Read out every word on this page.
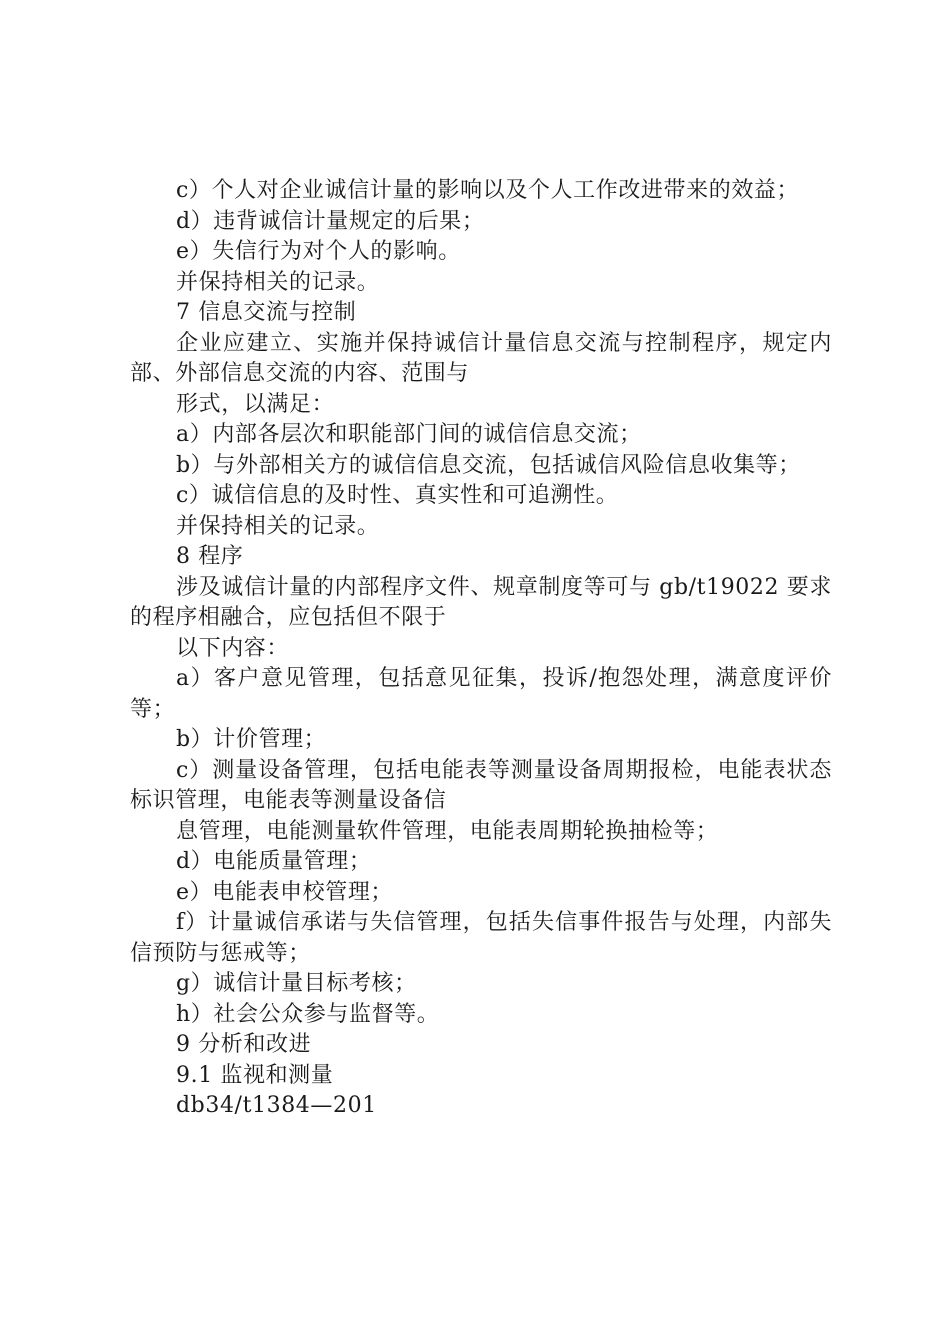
c）个人对企业诚信计量的影响以及个人工作改进带来的效益；

d）违背诚信计量规定的后果；

e）失信行为对个人的影响。

并保持相关的记录。

7 信息交流与控制

企业应建立、实施并保持诚信计量信息交流与控制程序，规定内部、外部信息交流的内容、范围与

形式，以满足：

a）内部各层次和职能部门间的诚信信息交流；

b）与外部相关方的诚信信息交流，包括诚信风险信息收集等；

c）诚信信息的及时性、真实性和可追溯性。

并保持相关的记录。

8 程序

涉及诚信计量的内部程序文件、规章制度等可与 gb/t19022 要求的程序相融合，应包括但不限于

以下内容：

a）客户意见管理，包括意见征集，投诉/抱怨处理，满意度评价等；

b）计价管理；

c）测量设备管理，包括电能表等测量设备周期报检，电能表状态标识管理，电能表等测量设备信

息管理，电能测量软件管理，电能表周期轮换抽检等；

d）电能质量管理；

e）电能表申校管理；

f）计量诚信承诺与失信管理，包括失信事件报告与处理，内部失信预防与惩戒等；

g）诚信计量目标考核；

h）社会公众参与监督等。

9 分析和改进

9.1 监视和测量

db34/t1384—201
